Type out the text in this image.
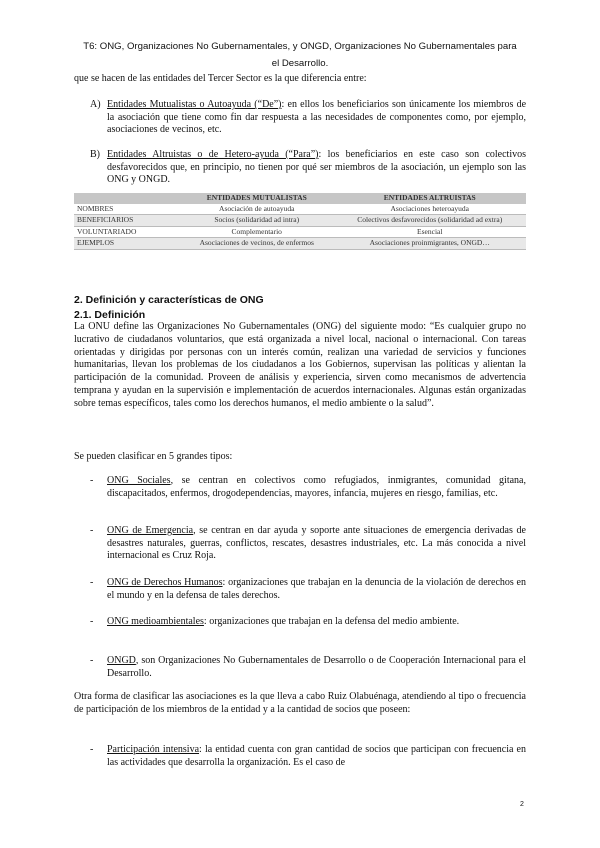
T6: ONG, Organizaciones No Gubernamentales, y ONGD, Organizaciones No Gubernamentales para
el Desarrollo.
que se hacen de las entidades del Tercer Sector es la que diferencia entre:
A) Entidades Mutualistas o Autoayuda (“De”): en ellos los beneficiarios son únicamente los miembros de la asociación que tiene como fin dar respuesta a las necesidades de componentes como, por ejemplo, asociaciones de vecinos, etc.
B) Entidades Altruistas o de Hetero-ayuda (“Para”): los beneficiarios en este caso son colectivos desfavorecidos que, en principio, no tienen por qué ser miembros de la asociación, un ejemplo son las ONG y ONGD.
	ENTIDADES MUTUALISTAS	ENTIDADES ALTRUISTAS
NOMBRES	Asociación de autoayuda	Asociaciones heteroayuda
BENEFICIARIOS	Socios (solidaridad ad intra)	Colectivos desfavorecidos (solidaridad ad extra)
VOLUNTARIADO	Complementario	Esencial
EJEMPLOS	Asociaciones de vecinos, de enfermos	Asociaciones proinmigrantes, ONGD…
2. Definición y características de ONG
2.1. Definición
La ONU define las Organizaciones No Gubernamentales (ONG) del siguiente modo: “Es cualquier grupo no lucrativo de ciudadanos voluntarios, que está organizada a nivel local, nacional o internacional. Con tareas orientadas y dirigidas por personas con un interés común, realizan una variedad de servicios y funciones humanitarias, llevan los problemas de los ciudadanos a los Gobiernos, supervisan las políticas y alientan la participación de la comunidad. Proveen de análisis y experiencia, sirven como mecanismos de advertencia temprana y ayudan en la supervisión e implementación de acuerdos internacionales. Algunas están organizadas sobre temas específicos, tales como los derechos humanos, el medio ambiente o la salud”.
Se pueden clasificar en 5 grandes tipos:
- ONG Sociales, se centran en colectivos como refugiados, inmigrantes, comunidad gitana, discapacitados, enfermos, drogodependencias, mayores, infancia, mujeres en riesgo, familias, etc.
- ONG de Emergencia, se centran en dar ayuda y soporte ante situaciones de emergencia derivadas de desastres naturales, guerras, conflictos, rescates, desastres industriales, etc. La más conocida a nivel internacional es Cruz Roja.
- ONG de Derechos Humanos: organizaciones que trabajan en la denuncia de la violación de derechos en el mundo y en la defensa de tales derechos.
- ONG medioambientales: organizaciones que trabajan en la defensa del medio ambiente.
- ONGD, son Organizaciones No Gubernamentales de Desarrollo o de Cooperación Internacional para el Desarrollo.
Otra forma de clasificar las asociaciones es la que lleva a cabo Ruiz Olabuénaga, atendiendo al tipo o frecuencia de participación de los miembros de la entidad y a la cantidad de socios que poseen:
- Participación intensiva: la entidad cuenta con gran cantidad de socios que participan con frecuencia en las actividades que desarrolla la organización. Es el caso de
2
